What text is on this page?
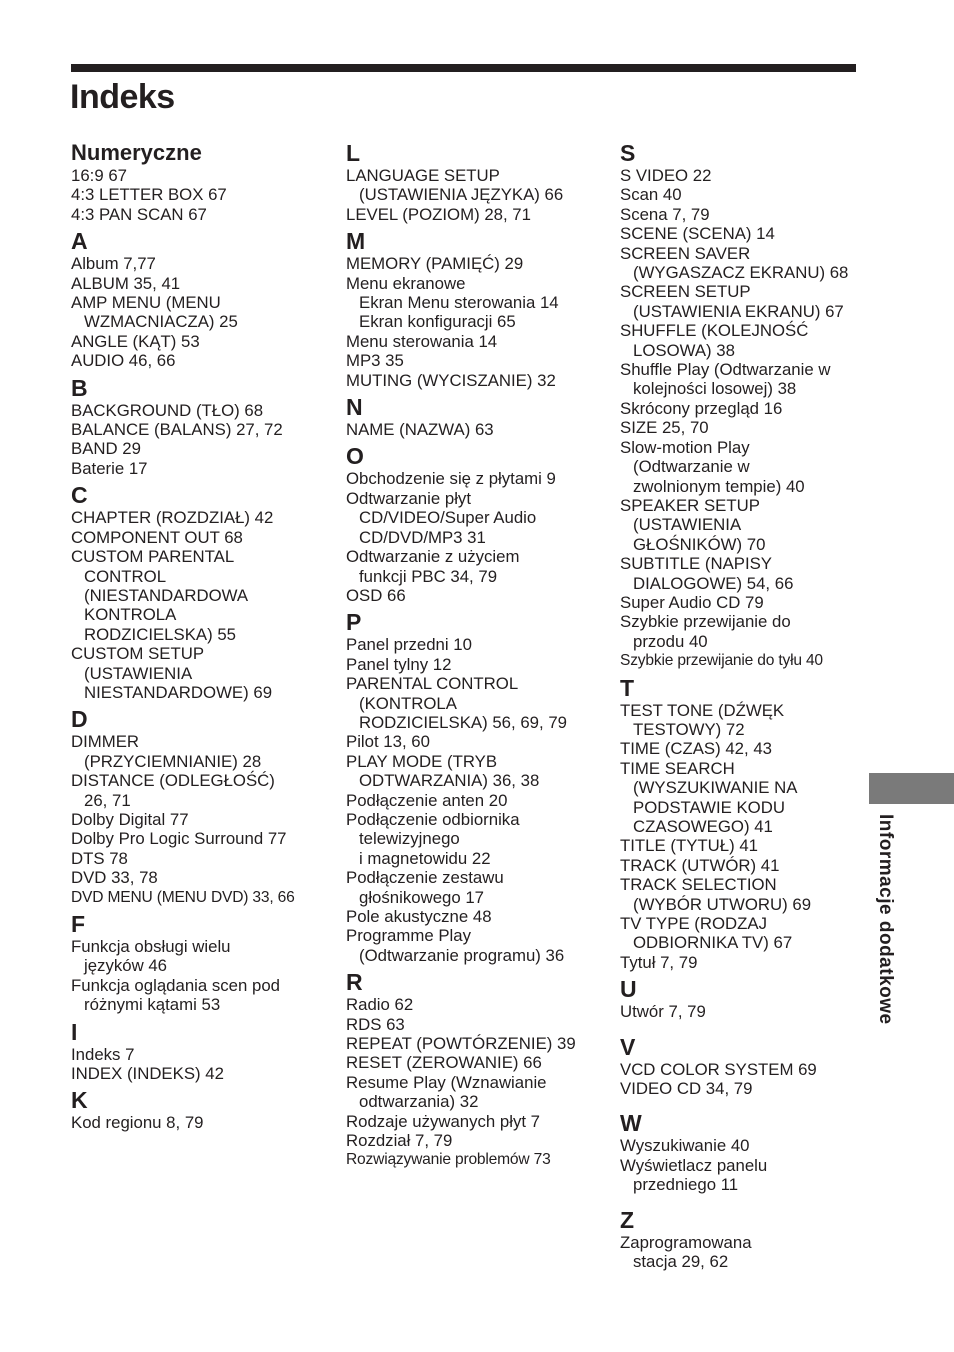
Indeks
Numeryczne
16:9 67
4:3 LETTER BOX 67
4:3 PAN SCAN 67
A
Album 7,77
ALBUM 35, 41
AMP MENU (MENU
WZMACNIACZA) 25
ANGLE (KĄT) 53
AUDIO 46, 66
B
BACKGROUND (TŁO) 68
BALANCE (BALANS) 27, 72
BAND 29
Baterie 17
C
CHAPTER (ROZDZIAŁ) 42
COMPONENT OUT 68
CUSTOM PARENTAL
CONTROL
(NIESTANDARDOWA
KONTROLA
RODZICIELSKA) 55
CUSTOM SETUP
(USTAWIENIA
NIESTANDARDOWE) 69
D
DIMMER
(PRZYCIEMNIANIE) 28
DISTANCE (ODLEGŁOŚĆ)
26, 71
Dolby Digital 77
Dolby Pro Logic Surround 77
DTS 78
DVD 33, 78
DVD MENU (MENU DVD) 33, 66
F
Funkcja obsługi wielu
języków 46
Funkcja oglądania scen pod
różnymi kątami 53
I
Indeks 7
INDEX (INDEKS) 42
K
Kod regionu 8, 79
L
LANGUAGE SETUP
(USTAWIENIA JĘZYKA) 66
LEVEL (POZIOM) 28, 71
M
MEMORY (PAMIĘĆ) 29
Menu ekranowe
Ekran Menu sterowania 14
Ekran konfiguracji 65
Menu sterowania 14
MP3 35
MUTING (WYCISZANIE) 32
N
NAME (NAZWA) 63
O
Obchodzenie się z płytami 9
Odtwarzanie płyt
CD/VIDEO/Super Audio
CD/DVD/MP3 31
Odtwarzanie z użyciem
funkcji PBC 34, 79
OSD 66
P
Panel przedni 10
Panel tylny 12
PARENTAL CONTROL
(KONTROLA
RODZICIELSKA) 56, 69, 79
Pilot 13, 60
PLAY MODE (TRYB
ODTWARZANIA) 36, 38
Podłączenie anten 20
Podłączenie odbiornika
telewizyjnego
i magnetowidu 22
Podłączenie zestawu
głośnikowego 17
Pole akustyczne 48
Programme Play
(Odtwarzanie programu) 36
R
Radio 62
RDS 63
REPEAT (POWTÓRZENIE) 39
RESET (ZEROWANIE) 66
Resume Play (Wznawianie
odtwarzania) 32
Rodzaje używanych płyt 7
Rozdział 7, 79
Rozwiązywanie problemów 73
S
S VIDEO 22
Scan 40
Scena 7, 79
SCENE (SCENA) 14
SCREEN SAVER
(WYGASZACZ EKRANU) 68
SCREEN SETUP
(USTAWIENIA EKRANU) 67
SHUFFLE (KOLEJNOŚĆ
LOSOWA) 38
Shuffle Play (Odtwarzanie w
kolejności losowej) 38
Skrócony przegląd 16
SIZE 25, 70
Slow-motion Play
(Odtwarzanie w
zwolnionym tempie) 40
SPEAKER SETUP
(USTAWIENIA
GŁOŚNIKÓW) 70
SUBTITLE (NAPISY
DIALOGOWE) 54, 66
Super Audio CD 79
Szybkie przewijanie do
przodu 40
Szybkie przewijanie do tyłu 40
T
TEST TONE (DŹWĘK
TESTOWY) 72
TIME (CZAS) 42, 43
TIME SEARCH
(WYSZUKIWANIE NA
PODSTAWIE KODU
CZASOWEGO) 41
TITLE (TYTUŁ) 41
TRACK (UTWÓR) 41
TRACK SELECTION
(WYBÓR UTWORU) 69
TV TYPE (RODZAJ
ODBIORNIKA TV) 67
Tytuł 7, 79
U
Utwór 7, 79
V
VCD COLOR SYSTEM 69
VIDEO CD 34, 79
W
Wyszukiwanie 40
Wyświetlacz panelu
przedniego 11
Z
Zaprogramowana
stacja 29, 62
Informacje dodatkowe
